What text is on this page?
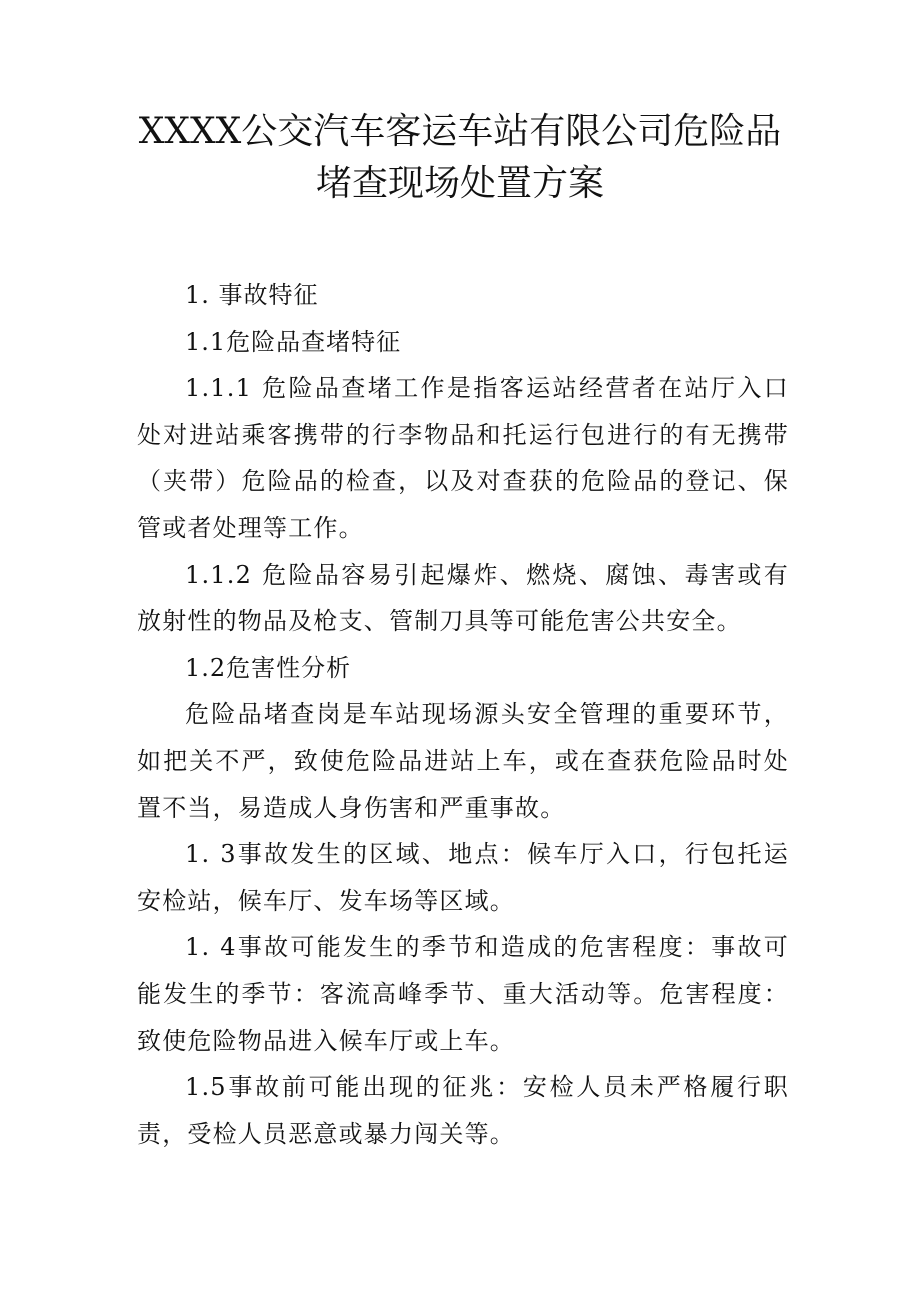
XXXX公交汽车客运车站有限公司危险品
堵查现场处置方案

1. 事故特征

1.1危险品查堵特征

1.1.1 危险品查堵工作是指客运站经营者在站厅入口处对进站乘客携带的行李物品和托运行包进行的有无携带（夹带）危险品的检查，以及对查获的危险品的登记、保管或者处理等工作。

1.1.2 危险品容易引起爆炸、燃烧、腐蚀、毒害或有放射性的物品及枪支、管制刀具等可能危害公共安全。

1.2危害性分析

危险品堵查岗是车站现场源头安全管理的重要环节，如把关不严，致使危险品进站上车，或在查获危险品时处置不当，易造成人身伤害和严重事故。

1. 3事故发生的区域、地点：候车厅入口，行包托运安检站，候车厅、发车场等区域。

1. 4事故可能发生的季节和造成的危害程度：事故可能发生的季节：客流高峰季节、重大活动等。危害程度：致使危险物品进入候车厅或上车。

1.5事故前可能出现的征兆：安检人员未严格履行职责，受检人员恶意或暴力闯关等。
